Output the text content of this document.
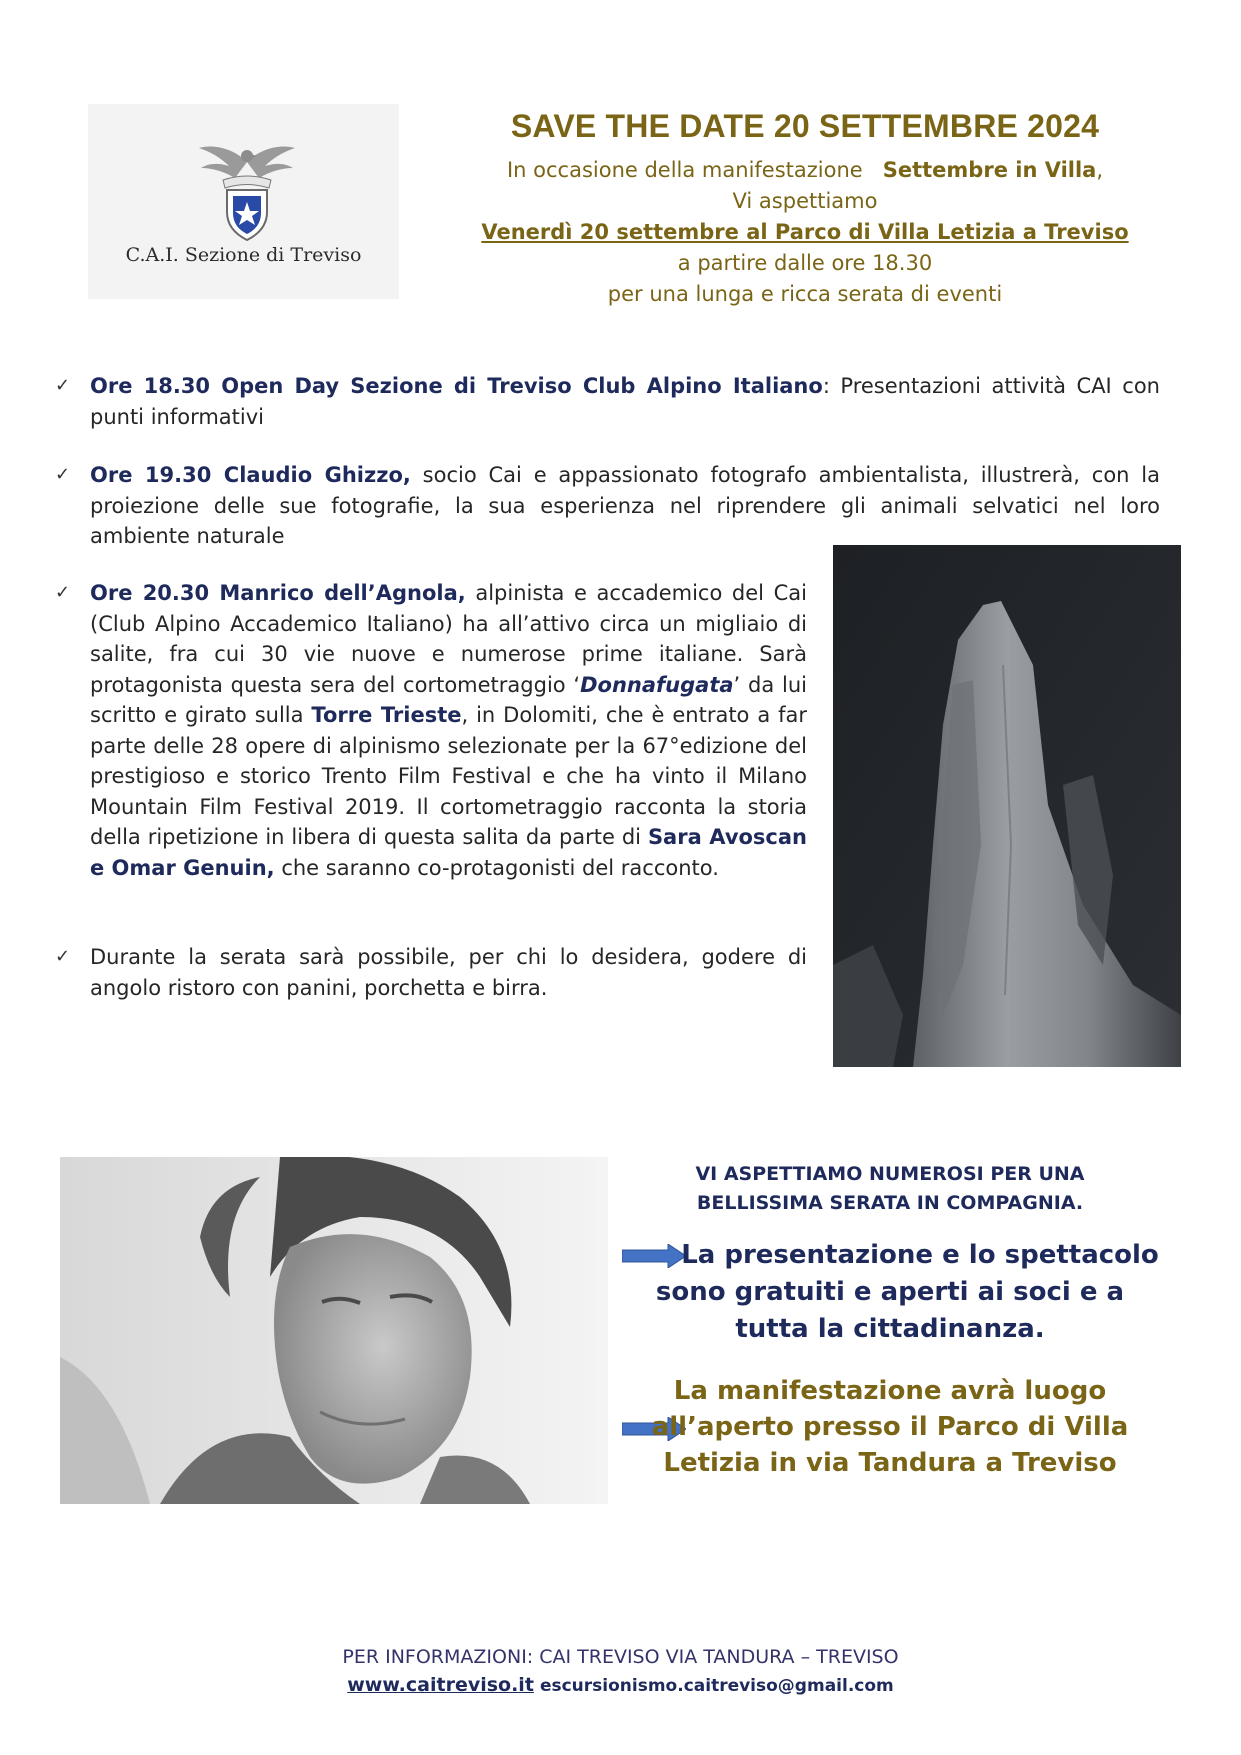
C.A.I. Sezione di Treviso
SAVE THE DATE 20 SETTEMBRE 2024
In occasione della manifestazione Settembre in Villa,
Vi aspettiamo
Venerdì 20 settembre al Parco di Villa Letizia a Treviso
a partire dalle ore 18.30
per una lunga e ricca serata di eventi
✓ Ore 18.30 Open Day Sezione di Treviso Club Alpino Italiano: Presentazioni attività CAI con punti informativi
✓ Ore 19.30 Claudio Ghizzo, socio Cai e appassionato fotografo ambientalista, illustrerà, con la proiezione delle sue fotografie, la sua esperienza nel riprendere gli animali selvatici nel loro ambiente naturale
✓ Ore 20.30 Manrico dell’Agnola, alpinista e accademico del Cai (Club Alpino Accademico Italiano) ha all’attivo circa un migliaio di salite, fra cui 30 vie nuove e numerose prime italiane. Sarà protagonista questa sera del cortometraggio ‘Donnafugata’ da lui scritto e girato sulla Torre Trieste, in Dolomiti, che è entrato a far parte delle 28 opere di alpinismo selezionate per la 67°edizione del prestigioso e storico Trento Film Festival e che ha vinto il Milano Mountain Film Festival 2019. Il cortometraggio racconta la storia della ripetizione in libera di questa salita da parte di Sara Avoscan e Omar Genuin, che saranno co-protagonisti del racconto.
✓ Durante la serata sarà possibile, per chi lo desidera, godere di angolo ristoro con panini, porchetta e birra.
VI ASPETTIAMO NUMEROSI PER UNA BELLISSIMA SERATA IN COMPAGNIA.
La presentazione e lo spettacolo sono gratuiti e aperti ai soci e a tutta la cittadinanza.
La manifestazione avrà luogo all’aperto presso il Parco di Villa Letizia in via Tandura a Treviso
PER INFORMAZIONI: CAI TREVISO VIA TANDURA – TREVISO
www.caitreviso.it escursionismo.caitreviso@gmail.com
